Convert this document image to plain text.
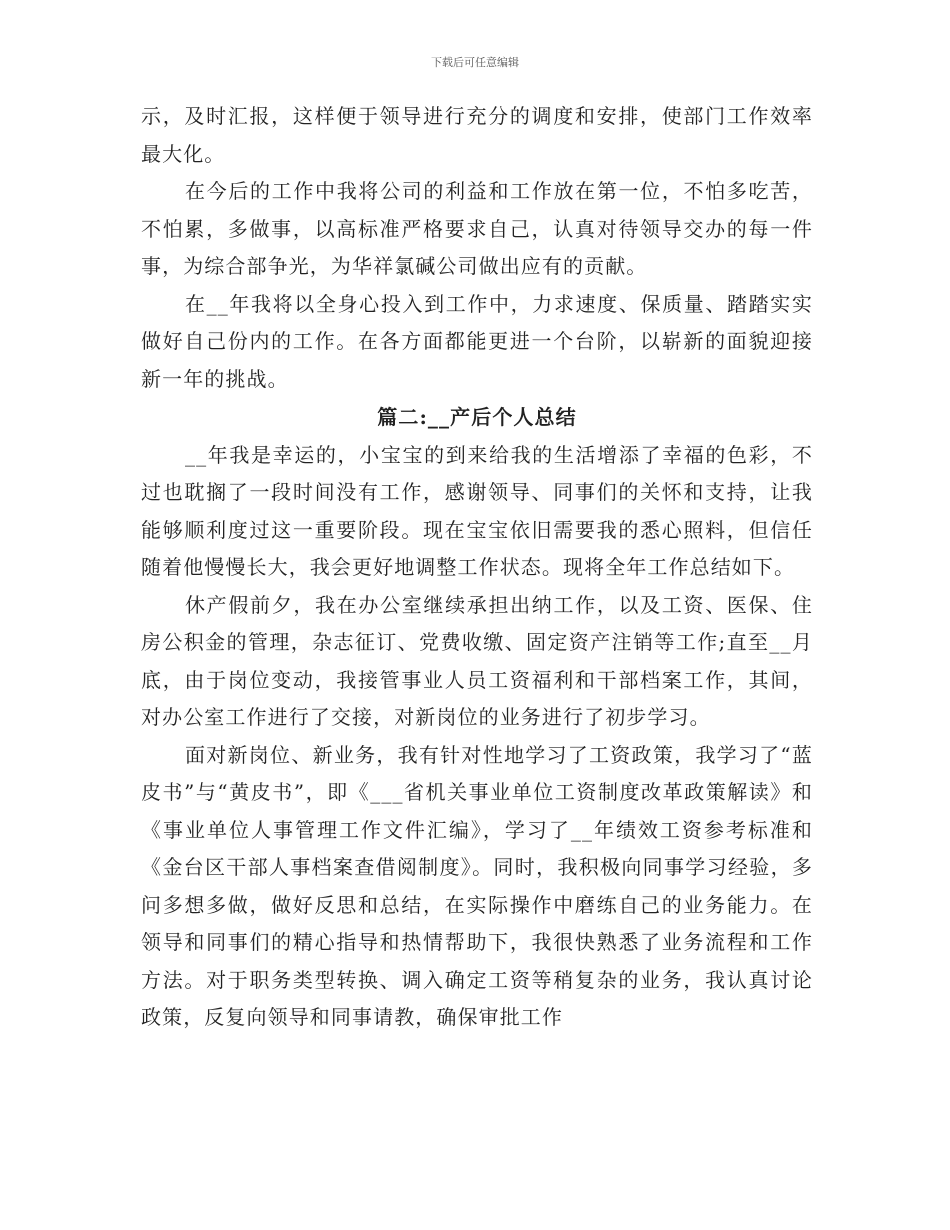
下载后可任意编辑

示，及时汇报，这样便于领导进行充分的调度和安排，使部门工作效率最大化。

在今后的工作中我将公司的利益和工作放在第一位，不怕多吃苦，不怕累，多做事，以高标准严格要求自己，认真对待领导交办的每一件事，为综合部争光，为华祥氯碱公司做出应有的贡献。

在__年我将以全身心投入到工作中，力求速度、保质量、踏踏实实做好自己份内的工作。在各方面都能更进一个台阶，以崭新的面貌迎接新一年的挑战。

篇二:__产后个人总结

__年我是幸运的，小宝宝的到来给我的生活增添了幸福的色彩，不过也耽搁了一段时间没有工作，感谢领导、同事们的关怀和支持，让我能够顺利度过这一重要阶段。现在宝宝依旧需要我的悉心照料，但信任随着他慢慢长大，我会更好地调整工作状态。现将全年工作总结如下。

休产假前夕，我在办公室继续承担出纳工作，以及工资、医保、住房公积金的管理，杂志征订、党费收缴、固定资产注销等工作;直至__月底，由于岗位变动，我接管事业人员工资福利和干部档案工作，其间，对办公室工作进行了交接，对新岗位的业务进行了初步学习。

面对新岗位、新业务，我有针对性地学习了工资政策，我学习了“蓝皮书”与“黄皮书”，即《___省机关事业单位工资制度改革政策解读》和《事业单位人事管理工作文件汇编》，学习了__年绩效工资参考标准和《金台区干部人事档案查借阅制度》。同时，我积极向同事学习经验，多问多想多做，做好反思和总结，在实际操作中磨练自己的业务能力。在领导和同事们的精心指导和热情帮助下，我很快熟悉了业务流程和工作方法。对于职务类型转换、调入确定工资等稍复杂的业务，我认真讨论政策，反复向领导和同事请教，确保审批工作
